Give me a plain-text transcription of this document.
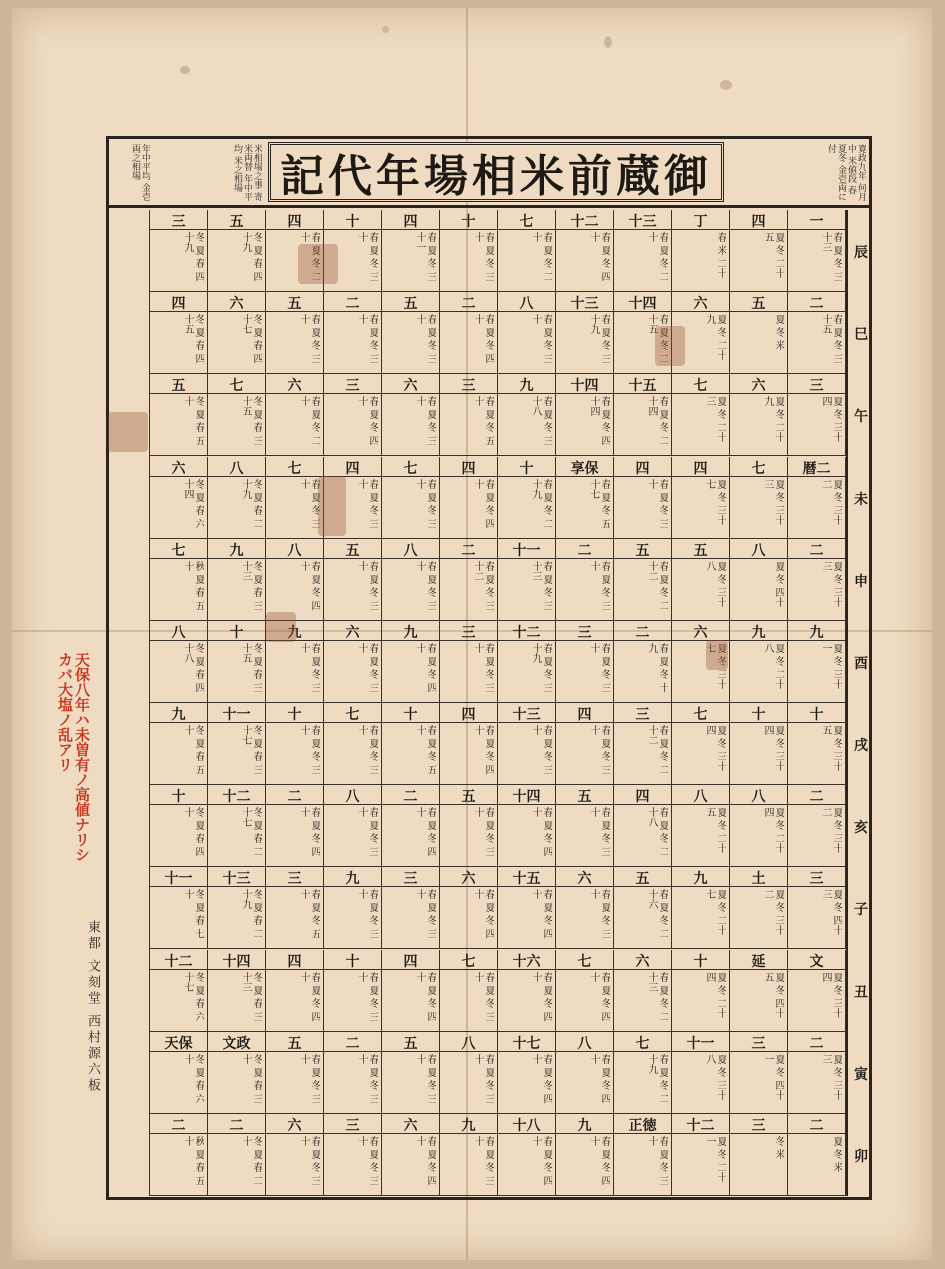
年中平均 金壱両之相場	米相場之事 寄米両替 年中平均 米之相場 御蔵前米相場年代記	寛政九年 何月中 米値段 春夏冬 金壱両に付
一
春 夏 冬 三十三
二
春 夏 冬 三十五
三
夏 冬 三十四
暦二
夏 冬 三十二
二
夏 冬 三十三
九
夏 冬 三十一
十
夏 冬 三十五
二
夏 冬 三十二
三
夏 冬 四十三
文
夏 冬 三十四
二
夏 冬 三十三
二
夏 冬 米
四
夏 冬 二十五
五
夏 冬 米
六
夏 冬 二十九
七
夏 冬 三十三
八
夏 冬 四十
九
夏 冬 二十八
十
夏 冬 三十四
八
夏 冬 二十四
土
夏 冬 三十二
延
夏 冬 四十五
三
夏 冬 四十一
三
冬 米
丁
春 米 二十
六
夏 冬 二十九
七
夏 冬 二十三
四
夏 冬 三十七
五
夏 冬 三十八
六
夏 冬 三十七
七
夏 冬 三十四
八
夏 冬 二十五
九
夏 冬 二十七
十
夏 冬 二十四
十一
夏 冬 三十八
十二
夏 冬 二十一
十三
春 夏 冬 二十
十四
春 夏 冬 二十五
十五
春 夏 冬 二十四
四
春 夏 冬 三十
五
春 夏 冬 二十二
二
春 夏 冬 十九
三
春 夏 冬 二十二
四
春 夏 冬 二十八
五
春 夏 冬 二十六
六
春 夏 冬 二十三
七
春 夏 冬 二十九
正徳
春 夏 冬 三十
十二
春 夏 冬 四十
十三
春 夏 冬 三十九
十四
春 夏 冬 四十四
享保
春 夏 冬 五十七
二
春 夏 冬 三十
三
春 夏 冬 三十
四
春 夏 冬 三十
五
春 夏 冬 三十
六
春 夏 冬 三十
七
春 夏 冬 四十
八
春 夏 冬 四十
九
春 夏 冬 四十
七
春 夏 冬 二十
八
春 夏 冬 三十
九
春 夏 冬 三十八
十
春 夏 冬 二十九
十一
春 夏 冬 三十三
十二
春 夏 冬 三十九
十三
春 夏 冬 三十
十四
春 夏 冬 四十
十五
春 夏 冬 四十
十六
春 夏 冬 四十
十七
春 夏 冬 四十
十八
春 夏 冬 四十
十
春 夏 冬 三十
二
春 夏 冬 四十
三
春 夏 冬 五十
四
春 夏 冬 四十
二
春 夏 冬 三十二
三
春 夏 冬 三十
四
春 夏 冬 四十
五
春 夏 冬 三十
六
春 夏 冬 四十
七
春 夏 冬 三十
八
春 夏 冬 三十
九
春 夏 冬 三十
四
春 夏 冬 三十一
五
春 夏 冬 三十
六
春 夏 冬 三十
七
春 夏 冬 三十
八
春 夏 冬 三十
九
春 夏 冬 四十
十
春 夏 冬 五十
二
春 夏 冬 四十
三
春 夏 冬 三十
四
春 夏 冬 四十
五
春 夏 冬 三十
六
春 夏 冬 四十
十
春 夏 冬 三十
二
春 夏 冬 三十
三
春 夏 冬 四十
四
春 夏 冬 三十
五
春 夏 冬 三十
六
春 夏 冬 三十
七
春 夏 冬 三十
八
春 夏 冬 三十
九
春 夏 冬 三十
十
春 夏 冬 三十
二
春 夏 冬 三十
三
春 夏 冬 三十
四
春 夏 冬 二十
五
春 夏 冬 三十
六
春 夏 冬 二十
七
春 夏 冬 三十
八
春 夏 冬 四十
九
春 夏 冬 三十
十
春 夏 冬 三十
二
春 夏 冬 四十
三
春 夏 冬 五十
四
春 夏 冬 四十
五
春 夏 冬 三十
六
春 夏 冬 三十
五
冬 夏 春 四十九
六
冬 夏 春 四十七
七
冬 夏 春 三十五
八
冬 夏 春 二十九
九
冬 夏 春 三十三
十
冬 夏 春 三十五
十一
冬 夏 春 三十七
十二
冬 夏 春 二十七
十三
冬 夏 春 二十九
十四
冬 夏 春 三十三
文政
冬 夏 春 三十
二
冬 夏 春 二十
三
冬 夏 春 四十九
四
冬 夏 春 四十五
五
冬 夏 春 五十
六
冬 夏 春 六十四
七
秋 夏 春 五十
八
冬 夏 春 四十八
九
冬 夏 春 五十
十
冬 夏 春 四十
十一
冬 夏 春 七十
十二
冬 夏 春 六十七
天保
冬 夏 春 六十
二
秋 夏 春 五十
辰
巳
午
未
申
酉
戌
亥
子
丑
寅
卯
天保八年ハ未曽有ノ高値ナリシカバ大塩ノ乱アリ
東都 文刻堂 西村源六板
